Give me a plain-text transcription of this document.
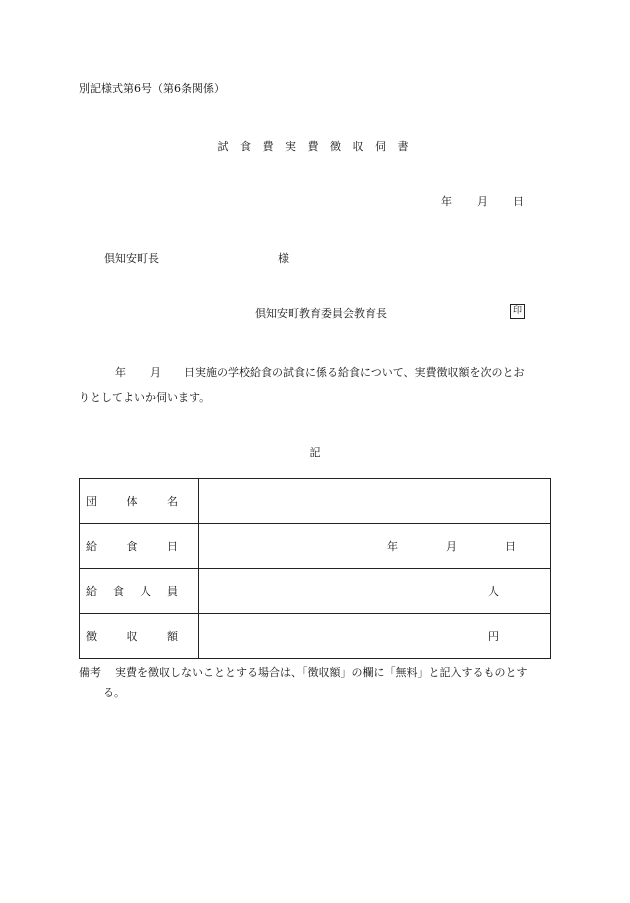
別記様式第6号（第6条関係）
試 食 費 実 費 徴 収 伺 書
年 月 日
倶知安町長	様
倶知安町教育委員会教育長	印
年 月 日実施の学校給食の試食に係る給食について、実費徴収額を次のとお
りとしてよいか伺います。
記
団 体 名	

給 食 日	年 月 日

給 食 人 員	人

徴 収 額	円
備考 実費を徴収しないこととする場合は、「徴収額」の欄に「無料」と記入するものとす
る。
